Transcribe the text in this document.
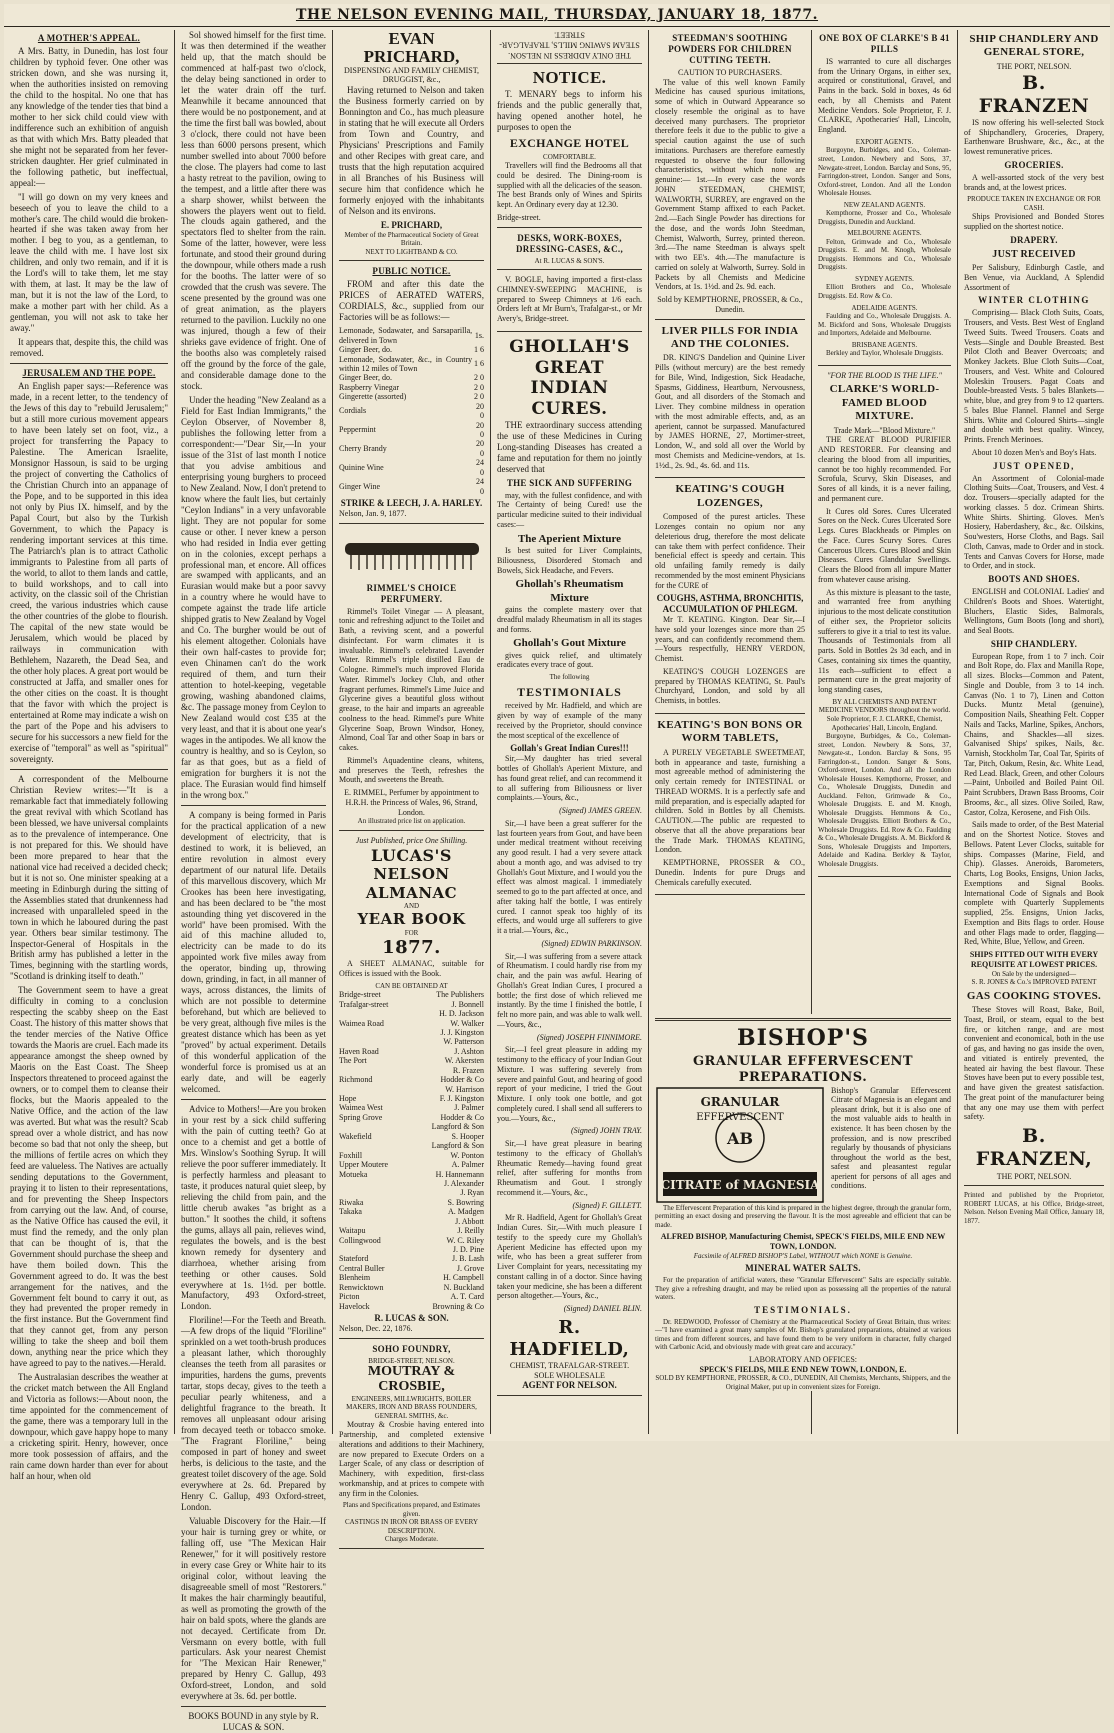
THE NELSON EVENING MAIL, THURSDAY, JANUARY 18, 1877.
A MOTHER'S APPEAL.

A Mrs. Batty, in Dunedin, has lost four children by typhoid fever. One other was stricken down, and she was nursing it, when the authorities insisted on removing the child to the hospital. No one that has any knowledge of the tender ties that bind a mother to her sick child could view with indifference such an exhibition of anguish as that with which Mrs. Batty pleaded that she might not be separated from her fever-stricken daughter. Her grief culminated in the following pathetic, but ineffectual, appeal:—

"I will go down on my very knees and beseech of you to leave the child to a mother's care. The child would die broken-hearted if she was taken away from her mother. I beg to you, as a gentleman, to leave the child with me. I have lost six children, and only two remain, and if it is the Lord's will to take them, let me stay with them, at last. It may be the law of man, but it is not the law of the Lord, to make a mother part with her child. As a gentleman, you will not ask to take her away."

It appears that, despite this, the child was removed.

JERUSALEM AND THE POPE.

An English paper says:—Reference was made, in a recent letter, to the tendency of the Jews of this day to "rebuild Jerusalem;" but a still more curious movement appears to have been lately set on foot, viz., a project for transferring the Papacy to Palestine. The American Israelite, Monsignor Hassoun, is said to be urging the project of converting the Catholics of the Christian Church into an appanage of the Pope, and to be supported in this idea not only by Pius IX. himself, and by the Papal Court, but also by the Turkish Government, to which the Papacy is rendering important services at this time. The Patriarch's plan is to attract Catholic immigrants to Palestine from all parts of the world, to allot to them lands and cattle, to build workshops, and to call into activity, on the classic soil of the Christian creed, the various industries which cause the other countries of the globe to flourish. The capital of the new state would be Jerusalem, which would be placed by railways in communication with Bethlehem, Nazareth, the Dead Sea, and the other holy places. A great port would be constructed at Jaffa, and smaller ones for the other cities on the coast. It is thought that the favor with which the project is entertained at Rome may indicate a wish on the part of the Pope and his advisers to secure for his successors a new field for the exercise of "temporal" as well as "spiritual" sovereignty.

A correspondent of the Melbourne Christian Review writes:—"It is a remarkable fact that immediately following the great revival with which Scotland has been blessed, we have universal complaints as to the prevalence of intemperance. One is not prepared for this. We should have been more prepared to hear that the national vice had received a decided check; but it is not so. One minister speaking at a meeting in Edinburgh during the sitting of the Assemblies stated that drunkenness had increased with unparalleled speed in the town in which he laboured during the past year. Others bear similar testimony. The Inspector-General of Hospitals in the British army has published a letter in the Times, beginning with the startling words, "Scotland is drinking itself to death."

The Government seem to have a great difficulty in coming to a conclusion respecting the scabby sheep on the East Coast. The history of this matter shows that the tender mercies of the Native Office towards the Maoris are cruel. Each made its appearance amongst the sheep owned by Maoris on the East Coast. The Sheep Inspectors threatened to proceed against the owners, or to compel them to cleanse their flocks, but the Maoris appealed to the Native Office, and the action of the law was averted. But what was the result? Scab spread over a whole district, and has now become so bad that not only the sheep, but the millions of fertile acres on which they feed are valueless. The Natives are actually sending deputations to the Government, praying it to listen to their representations, and for preventing the Sheep Inspectors from carrying out the law. And, of course, as the Native Office has caused the evil, it must find the remedy, and the only plan that can be thought of is, that the Government should purchase the sheep and have them boiled down. This the Government agreed to do. It was the best arrangement for the natives, and the Government felt bound to carry it out, as they had prevented the proper remedy in the first instance. But the Government find that they cannot get, from any person willing to take the sheep and boil them down, anything near the price which they have agreed to pay to the natives.—Herald.

The Australasian describes the weather at the cricket match between the All England and Victoria as follows:—About noon, the time appointed for the commencement of the game, there was a temporary lull in the downpour, which gave happy hope to many a cricketing spirit. Henry, however, once more took possession of affairs, and the rain came down harder than ever for about half an hour, when old

Sol showed himself for the first time. It was then determined if the weather held up, that the match should be commenced at half-past two o'clock, the delay being sanctioned in order to let the water drain off the turf. Meanwhile it became announced that there would be no postponement, and at the time the first ball was bowled, about 3 o'clock, there could not have been less than 6000 persons present, which number swelled into about 7000 before the close. The players had come to last a hasty retreat to the pavilion, owing to the tempest, and a little after there was a sharp shower, whilst between the showers the players went out to field. The clouds again gathered, and the spectators fled to shelter from the rain. Some of the latter, however, were less fortunate, and stood their ground during the downpour, while others made a rush for the booths. The latter were of so crowded that the crush was severe. The scene presented by the ground was one of great animation, as the players returned to the pavilion. Luckily no one was injured, though a few of their shrieks gave evidence of fright. One of the booths also was completely raised off the ground by the force of the gale, and considerable damage done to the stock.

Under the heading "New Zealand as a Field for East Indian Immigrants," the Ceylon Observer, of November 8, publishes the following letter from a correspondent:—"Dear Sir,—In your issue of the 31st of last month I notice that you advise ambitious and enterprising young burghers to proceed to New Zealand. Now, I don't pretend to know where the fault lies, but certainly "Ceylon Indians" in a very unfavorable light. They are not popular for some cause or other. I never knew a person who had resided in India ever getting on in the colonies, except perhaps a professional man, et encore. All offices are swamped with applicants, and an Eurasian would make but a poor savvy in a country where he would have to compete against the trade life article shipped gratis to New Zealand by Vogel and Co. The burgher would be out of his element altogether. Colonials have their own half-castes to provide for; even Chinamen can't do the work required of them, and turn their attention to hotel-keeping, vegetable growing, washing abandoned claims, &c. The passage money from Ceylon to New Zealand would cost £35 at the very least, and that it is about one year's wages in the antipodes. We all know the country is healthy, and so is Ceylon, so far as that goes, but as a field of emigration for burghers it is not the place. The Eurasian would find himself in the wrong box."

A company is being formed in Paris for the practical application of a new development of electricity, that is destined to work, it is believed, an entire revolution in almost every department of our natural life. Details of this marvellous discovery, which Mr Crookes has been here investigating, and has been declared to be "the most astounding thing yet discovered in the world" have been promised. With the aid of this machine alluded to, electricity can be made to do its appointed work five miles away from the operator, binding up, throwing down, grinding, in fact, in all manner of ways, across distances, the limits of which are not possible to determine beforehand, but which are believed to be very great, although five miles is the greatest distance which has been as yet "proved" by actual experiment. Details of this wonderful application of the wonderful force is promised us at an early date, and will be eagerly welcomed.

Advice to Mothers!—Are you broken in your rest by a sick child suffering with the pain of cutting teeth? Go at once to a chemist and get a bottle of Mrs. Winslow's Soothing Syrup. It will relieve the poor sufferer immediately. It is perfectly harmless and pleasant to taste, it produces natural quiet sleep, by relieving the child from pain, and the little cherub awakes "as bright as a button." It soothes the child, it softens the gums, allays all pain, relieves wind, regulates the bowels, and is the best known remedy for dysentery and diarrhoea, whether arising from teething or other causes. Sold everywhere at 1s. 1½d. per bottle. Manufactory, 493 Oxford-street, London.

Floriline!—For the Teeth and Breath.—A few drops of the liquid "Floriline" sprinkled on a wet tooth-brush produces a pleasant lather, which thoroughly cleanses the teeth from all parasites or impurities, hardens the gums, prevents tartar, stops decay, gives to the teeth a peculiar pearly whiteness, and a delightful fragrance to the breath. It removes all unpleasant odour arising from decayed teeth or tobacco smoke. "The Fragrant Floriline," being composed in part of honey and sweet herbs, is delicious to the taste, and the greatest toilet discovery of the age. Sold everywhere at 2s. 6d. Prepared by Henry C. Gallup, 493 Oxford-street, London.

Valuable Discovery for the Hair.—If your hair is turning grey or white, or falling off, use "The Mexican Hair Renewer," for it will positively restore in every case Grey or White hair to its original color, without leaving the disagreeable smell of most "Restorers." It makes the hair charmingly beautiful, as well as promoting the growth of the hair on bald spots, where the glands are not decayed. Certificate from Dr. Versmann on every bottle, with full particulars. Ask your nearest Chemist for "The Mexican Hair Renewer," prepared by Henry C. Gallup, 493 Oxford-street, London, and sold everywhere at 3s. 6d. per bottle.

BOOKS BOUND in any style by R. LUCAS & SON.
EVAN PRICHARD,
DISPENSING AND FAMILY CHEMIST, DRUGGIST, &c.,

Having returned to Nelson and taken the Business formerly carried on by Bonnington and Co., has much pleasure in stating that he will execute all Orders from Town and Country, and Physicians' Prescriptions and Family and other Recipes with great care, and trusts that the high reputation acquired in all Branches of his Business will secure him that confidence which he formerly enjoyed with the inhabitants of Nelson and its environs.

E. PRICHARD,
Member of the Pharmaceutical Society of Great Britain.
NEXT TO LIGHTBAND & CO.
PUBLIC NOTICE.

FROM and after this date the PRICES of AERATED WATERS, CORDIALS, &c., supplied from our Factories will be as follows:—

Lemonade, Sodawater, and Sarsaparilla, delivered in Town	1s.
Ginger Beer, do.	1 6
Lemonade, Sodawater, &c., in Country within 12 miles of Town	1 6
Ginger Beer, do.	2 0
Raspberry Vinegar	2 0
Gingerette (assorted)	2 0
Cordials	20 0
Peppermint	20 0
Cherry Brandy	20 0
Quinine Wine	24 0
Ginger Wine	24 0
STRIKE & LEECH, J. A. HARLEY.
Nelson, Jan. 9, 1877.
RIMMEL'S CHOICE PERFUMERY.

Rimmel's Toilet Vinegar — A pleasant, tonic and refreshing adjunct to the Toilet and Bath, a reviving scent, and a powerful disinfectant. For warm climates it is invaluable. Rimmel's celebrated Lavender Water. Rimmel's triple distilled Eau de Cologne. Rimmel's much improved Florida Water. Rimmel's Jockey Club, and other fragrant perfumes. Rimmel's Lime Juice and Glycerine gives a beautiful gloss without grease, to the hair and imparts an agreeable coolness to the head. Rimmel's pure White Glycerine Soap, Brown Windsor, Honey, Almond, Coal Tar and other Soap in bars or cakes.

Rimmel's Aquadentine cleans, whitens, and preserves the Teeth, refreshes the Mouth, and sweetens the Breath.

E. RIMMEL, Perfumer by appointment to H.R.H. the Princess of Wales, 96, Strand, London.
An illustrated price list on application.
Just Published, price One Shilling.
LUCAS'S
NELSON ALMANAC
AND
YEAR BOOK
FOR
1877.

A SHEET ALMANAC, suitable for Offices is issued with the Book.

CAN BE OBTAINED AT
Bridge-street	The Publishers
Trafalgar-street	J. Bonnell
	H. D. Jackson
Waimea Road	W. Walker
	J. J. Kingston
	W. Patterson
Haven Road	J. Ashton
The Port	W. Akersten
	R. Frazen
Richmond	Hodder & Co
	W. Harrison
Hope	F. J. Kingston
Waimea West	J. Palmer
Spring Grove	Hodder & Co
	Langford & Son
Wakefield	S. Hooper
	Langford & Son
Foxhill	W. Ponton
Upper Moutere	A. Palmer
Motueka	H. Hannemann
	J. Alexander
	J. Ryan
Riwaka	S. Bowring
Takaka	A. Madgen
	J. Abbott
Waitapu	J. Reilly
Collingwood	W. C. Riley
	J. D. Pine
Stateford	J. B. Lash
Central Buller	J. Grove
Blenheim	H. Campbell
Renwicktown	N. Buckland
Picton	A. T. Card
Havelock	Browning & Co
R. LUCAS & SON.
Nelson, Dec. 22, 1876.
SOHO FOUNDRY,
BRIDGE-STREET, NELSON.
MOUTRAY & CROSBIE,
ENGINEERS, MILLWRIGHTS, BOILER MAKERS, IRON AND BRASS FOUNDERS, GENERAL SMITHS, &c.

Moutray & Crosbie having entered into Partnership, and completed extensive alterations and additions to their Machinery, are now prepared to Execute Orders on a Larger Scale, of any class or description of Machinery, with expedition, first-class workmanship, and at prices to compete with any firm in the Colonies.

Plans and Specifications prepared, and Estimates given.
CASTINGS IN IRON OR BRASS OF EVERY DESCRIPTION.
Charges Moderate.
STEAM SAWING MILLS, TRAFALGAR-STREET.
THE ONLY ADDRESS IN NELSON.
NOTICE.

T. MENARY begs to inform his friends and the public generally that, having opened another hotel, he purposes to open the

EXCHANGE HOTEL
COMFORTABLE.

Travellers will find the Bedrooms all that could be desired. The Dining-room is supplied with all the delicacies of the season. The best Brands only of Wines and Spirits kept. An Ordinary every day at 12.30.

Bridge-street.
DESKS, WORK-BOXES, DRESSING-CASES, &C.,
At R. LUCAS & SON'S.

V. BOGLE, having imported a first-class CHIMNEY-SWEEPING MACHINE, is prepared to Sweep Chimneys at 1/6 each. Orders left at Mr Burn's, Trafalgar-st., or Mr Avery's, Bridge-street.

GHOLLAH'S
GREAT INDIAN CURES.

THE extraordinary success attending the use of these Medicines in Curing Long-standing Diseases has created a fame and reputation for them no jointly deserved that

THE SICK AND SUFFERING

may, with the fullest confidence, and with The Certainty of being Cured! use the particular medicine suited to their individual cases:—

The Aperient Mixture

Is best suited for Liver Complaints, Biliousness, Disordered Stomach and Bowels, Sick Headache, and Fevers.

Ghollah's Rheumatism Mixture

gains the complete mastery over that dreadful malady Rheumatism in all its stages and forms.

Ghollah's Gout Mixture

gives quick relief, and ultimately eradicates every trace of gout.

The following
TESTIMONIALS

received by Mr. Hadfield, and which are given by way of example of the many received by the Proprietor, should convince the most sceptical of the excellence of

Gollah's Great Indian Cures!!!

Sir,—My daughter has tried several bottles of Ghollah's Aperient Mixture, and has found great relief, and can recommend it to all suffering from Biliousness or liver complaints.—Yours, &c.,

(Signed) JAMES GREEN.

Sir,—I have been a great sufferer for the last fourteen years from Gout, and have been under medical treatment without receiving any good result. I had a very severe attack about a month ago, and was advised to try Ghollah's Gout Mixture, and I would you the effect was almost magical. I immediately seemed to go to the part affected at once, and after taking half the bottle, I was entirely cured. I cannot speak too highly of its effects, and would urge all sufferers to give it a trial.—Yours, &c.,

(Signed) EDWIN PARKINSON.

Sir,—I was suffering from a severe attack of Rheumatism. I could hardly rise from my chair, and the pain was awful. Hearing of Ghollah's Great Indian Cures, I procured a bottle; the first dose of which relieved me instantly. By the time I finished the bottle, I felt no more pain, and was able to walk well.—Yours, &c.,

(Signed) JOSEPH FINNIMORE.

Sir,—I feel great pleasure in adding my testimony to the efficacy of your Indian Gout Mixture. I was suffering severely from severe and painful Gout, and hearing of good report of your medicine, I tried the Gout Mixture. I only took one bottle, and got completely cured. I shall send all sufferers to you.—Yours, &c.,

(Signed) JOHN TRAY.

Sir,—I have great pleasure in bearing testimony to the efficacy of Ghollah's Rheumatic Remedy—having found great relief, after suffering for months from Rheumatism and Gout. I strongly recommend it.—Yours, &c.,

(Signed) F. GILLETT.

Mr R. Hadfield, Agent for Ghollah's Great Indian Cures. Sir,—With much pleasure I testify to the speedy cure my Ghollah's Aperient Medicine has effected upon my wife, who has been a great sufferer from Liver Complaint for years, necessitating my constant calling in of a doctor. Since having taken your medicine, she has been a different person altogether.—Yours, &c.,

(Signed) DANIEL BLIN.
R. HADFIELD,
CHEMIST, TRAFALGAR-STREET.
SOLE WHOLESALE
AGENT FOR NELSON.
STEEDMAN'S SOOTHING POWDERS FOR CHILDREN CUTTING TEETH.
CAUTION TO PURCHASERS.

The value of this well known Family Medicine has caused spurious imitations, some of which in Outward Appearance so closely resemble the original as to have deceived many purchasers. The proprietor therefore feels it due to the public to give a special caution against the use of such imitations. Purchasers are therefore earnestly requested to observe the four following characteristics, without which none are genuine:— 1st.—In every case the words JOHN STEEDMAN, CHEMIST, WALWORTH, SURREY, are engraved on the Government Stamp affixed to each Packet. 2nd.—Each Single Powder has directions for the dose, and the words John Steedman, Chemist, Walworth, Surrey, printed thereon. 3rd.—The name Steedman is always spelt with two EE's. 4th.—The manufacture is carried on solely at Walworth, Surrey. Sold in Packets by all Chemists and Medicine Vendors, at 1s. 1½d. and 2s. 9d. each.

Sold by KEMPTHORNE, PROSSER, & Co., Dunedin.
LIVER PILLS FOR INDIA AND THE COLONIES.

DR. KING'S Dandelion and Quinine Liver Pills (without mercury) are the best remedy for Bile, Wind, Indigestion, Sick Headache, Spasms, Giddiness, Heartburn, Nervousness, Gout, and all disorders of the Stomach and Liver. They combine mildness in operation with the most admirable effects, and, as an aperient, cannot be surpassed. Manufactured by JAMES HORNE, 27, Mortimer-street, London, W., and sold all over the World by most Chemists and Medicine-vendors, at 1s. 1½d., 2s. 9d., 4s. 6d. and 11s.

KEATING'S COUGH LOZENGES,

Composed of the purest articles. These Lozenges contain no opium nor any deleterious drug, therefore the most delicate can take them with perfect confidence. Their beneficial effect is speedy and certain. This old unfailing family remedy is daily recommended by the most eminent Physicians for the CURE of

COUGHS, ASTHMA, BRONCHITIS, ACCUMULATION OF PHLEGM.

Mr T. KEATING. Kington. Dear Sir,—I have sold your lozenges since more than 25 years, and can confidently recommend them.—Yours respectfully, HENRY VERDON, Chemist.

KEATING'S COUGH LOZENGES are prepared by THOMAS KEATING, St. Paul's Churchyard, London, and sold by all Chemists, in bottles.

KEATING'S BON BONS OR WORM TABLETS,

A PURELY VEGETABLE SWEETMEAT, both in appearance and taste, furnishing a most agreeable method of administering the only certain remedy for INTESTINAL or THREAD WORMS. It is a perfectly safe and mild preparation, and is especially adapted for children. Sold in Bottles by all Chemists. CAUTION.—The public are requested to observe that all the above preparations bear the Trade Mark. THOMAS KEATING, London.

KEMPTHORNE, PROSSER & CO., Dunedin. Indents for pure Drugs and Chemicals carefully executed.

ONE BOX OF CLARKE'S B 41 PILLS

IS warranted to cure all discharges from the Urinary Organs, in either sex, acquired or constitutional, Gravel, and Pains in the back. Sold in boxes, 4s 6d each, by all Chemists and Patent Medicine Vendors. Sole Proprietor, F. J. CLARKE, Apothecaries' Hall, Lincoln, England.

EXPORT AGENTS.

Burgoyne, Burbidges, and Co., Coleman-street, London. Newbery and Sons, 37, Newgate-street, London. Barclay and Sons, 95, Farringdon-street, London. Sanger and Sons, Oxford-street, London. And all the London Wholesale Houses.

NEW ZEALAND AGENTS.

Kempthorne, Prosser and Co., Wholesale Druggists, Dunedin and Auckland.

MELBOURNE AGENTS.

Felton, Grimwade and Co., Wholesale Druggists. E. and M. Knogh, Wholesale Druggists. Hemmons and Co., Wholesale Druggists.

SYDNEY AGENTS.

Elliott Brothers and Co., Wholesale Druggists. Ed. Row & Co.

ADELAIDE AGENTS.

Faulding and Co., Wholesale Druggists. A. M. Bickford and Sons, Wholesale Druggists and Importers, Adelaide and Melbourne.

BRISBANE AGENTS.

Berkley and Taylor, Wholesale Druggists.

"FOR THE BLOOD IS THE LIFE."
CLARKE'S WORLD-FAMED BLOOD MIXTURE.
Trade Mark—"Blood Mixture."

THE GREAT BLOOD PURIFIER AND RESTORER. For cleansing and clearing the blood from all impurities, cannot be too highly recommended. For Scrofula, Scurvy, Skin Diseases, and Sores of all kinds, it is a never failing, and permanent cure.

It Cures old Sores. Cures Ulcerated Sores on the Neck. Cures Ulcerated Sore Legs. Cures Blackheads or Pimples on the Face. Cures Scurvy Sores. Cures Cancerous Ulcers. Cures Blood and Skin Diseases. Cures Glandular Swellings. Clears the Blood from all impure Matter from whatever cause arising.

As this mixture is pleasant to the taste, and warranted free from anything injurious to the most delicate constitution of either sex, the Proprietor solicits sufferers to give it a trial to test its value. Thousands of Testimonials from all parts. Sold in Bottles 2s 3d each, and in Cases, containing six times the quantity, 11s each—sufficient to effect a permanent cure in the great majority of long standing cases,

BY ALL CHEMISTS AND PATENT MEDICINE VENDORS throughout the world.
Sole Proprietor, F. J. CLARKE, Chemist, Apothecaries' Hall, Lincoln, England.

Burgoyne, Burbidges, & Co., Coleman-street, London. Newbery & Sons, 37, Newgate-st., London. Barclay & Sons, 95 Farringdon-st., London. Sanger & Sons, Oxford-street, London. And all the London Wholesale Houses. Kempthorne, Prosser, and Co., Wholesale Druggists, Dunedin and Auckland. Felton, Grimwade & Co., Wholesale Druggists. E. and M. Knogh, Wholesale Druggists. Hemmons & Co., Wholesale Druggists. Elliott Brothers & Co., Wholesale Druggists. Ed. Row & Co. Faulding & Co., Wholesale Druggists. A. M. Bickford & Sons, Wholesale Druggists and Importers, Adelaide and Kadina. Berkley & Taylor, Wholesale Druggists.

SHIP CHANDLERY AND GENERAL STORE,
THE PORT, NELSON.
B. FRANZEN

IS now offering his well-selected Stock of Shipchandlery, Groceries, Drapery, Earthenware Brushware, &c., &c., at the lowest remunerative prices.

GROCERIES.

A well-assorted stock of the very best brands and, at the lowest prices.

PRODUCE TAKEN IN EXCHANGE OR FOR CASH.

Ships Provisioned and Bonded Stores supplied on the shortest notice.

DRAPERY.
JUST RECEIVED

Per Salisbury, Edinburgh Castle, and Ben Venue, via Auckland, A Splendid Assortment of

WINTER CLOTHING

Comprising— Black Cloth Suits, Coats, Trousers, and Vests. Best West of England Tweed Suits. Tweed Trousers. Coats and Vests—Single and Double Breasted. Best Pilot Cloth and Beaver Overcoats; and Monkey Jackets. Blue Cloth Suits—Coat, Trousers, and Vest. White and Coloured Moleskin Trousers. Pagat Coats and Double-breasted Vests. 5 bales Blankets—white, blue, and grey from 9 to 12 quarters. 5 bales Blue Flannel. Flannel and Serge Shirts. White and Coloured Shirts—single and double with best quality. Wincey, Prints. French Merinoes.

About 10 dozen Men's and Boy's Hats.
JUST OPENED,

An Assortment of Colonial-made Clothing Suits—Coat, Trousers, and Vest. 4 doz. Trousers—specially adapted for the working classes. 5 doz. Crimean Shirts. White Shirts. Shirting. Gloves. Men's Hosiery, Haberdashery, &c., &c. Oilskins, Sou'westers, Horse Cloths, and Bags. Sail Cloth, Canvas, made to Order and in stock. Tents and Canvas Covers for Horse, made to Order, and in stock.

BOOTS AND SHOES.

ENGLISH and COLONIAL Ladies' and Children's Boots and Shoes. Watertight, Bluchers, Elastic Sides, Balmorals, Wellingtons, Gum Boots (long and short), and Seal Boots.

SHIP CHANDLERY.

European Rope, from 1 to 7 inch. Coir and Bolt Rope, do. Flax and Manilla Rope, all sizes. Blocks—Common and Patent, Single and Double, from 3 to 14 inch. Canvas (No. 1 to 7), Linen and Cotton Ducks. Muntz Metal (genuine), Composition Nails, Sheathing Felt. Copper Nails and Tacks, Marline, Spikes, Anchors, Chains, and Shackles—all sizes. Galvanised Ships' spikes, Nails, &c. Varnish, Stockholm Tar, Coal Tar, Spirits of Tar, Pitch, Oakum, Resin, &c. White Lead, Red Lead. Black, Green, and other Colours—Paint, Unboiled and Boiled Paint Oil. Paint Scrubbers, Drawn Bass Brooms, Coir Brooms, &c., all sizes. Olive Soiled, Raw, Castor, Colza, Kerosene, and Fish Oils.

Sails made to order, of the Best Material and on the Shortest Notice. Stoves and Bellows. Patent Lever Clocks, suitable for ships. Compasses (Marine, Field, and Chip). Glasses. Aneroids, Barometers, Charts, Log Books, Ensigns, Union Jacks, Exemptions and Signal Books. International Code of Signals and Book complete with Quarterly Supplements supplied, 25s. Ensigns, Union Jacks, Exemption and Bits flags to order. House and other Flags made to order, flagging—Red, White, Blue, Yellow, and Green.

SHIPS FITTED OUT WITH EVERY REQUISITE AT LOWEST PRICES.
On Sale by the undersigned—
S. R. JONES & Co.'s IMPROVED PATENT
GAS COOKING STOVES.

These Stoves will Roast, Bake, Boil, Toast, Broil, or steam, equal to the best fire, or kitchen range, and are most convenient and economical, both in the use of gas, and having no gas inside the oven, and vitiated is entirely prevented, the heated air having the best flavour. These Stoves have been put to every possible test, and have given the greatest satisfaction. The great point of the manufacturer being that any one may use them with perfect safety.

B. FRANZEN,
THE PORT, NELSON.

Printed and published by the Proprietor, ROBERT LUCAS, at his Office, Bridge-street, Nelson. Nelson Evening Mail Office, January 18, 1877.

BISHOP'S
GRANULAR EFFERVESCENT PREPARATIONS.
AB
GRANULAR
EFFERVESCENT
CITRATE of MAGNESIA
Bishop's Granular Effervescent Citrate of Magnesia is an elegant and pleasant drink, but it is also one of the most valuable aids to health in existence. It has been chosen by the profession, and is now prescribed regularly by thousands of physicians throughout the world as the best, safest and pleasantest regular aperient for persons of all ages and conditions.

The Effervescent Preparation of this kind is prepared in the highest degree, through the granular form, permitting an exact dosing and preserving the flavour. It is the most agreeable and efficient that can be made.

ALFRED BISHOP, Manufacturing Chemist, SPECK'S FIELDS, MILE END NEW TOWN, LONDON.
Facsimile of ALFRED BISHOP'S Label, WITHOUT which NONE is Genuine.
MINERAL WATER SALTS.

For the preparation of artificial waters, these "Granular Effervescent" Salts are especially suitable. They give a refreshing draught, and may be relied upon as possessing all the properties of the natural waters.

TESTIMONIALS.

Dr. REDWOOD, Professor of Chemistry at the Pharmaceutical Society of Great Britain, thus writes:—"I have examined a great many samples of Mr. Bishop's granulated preparations, obtained at various times and from different sources, and have found them to be very uniform in character, fully charged with Carbonic Acid, and obviously made with great care and accuracy."

LABORATORY AND OFFICES:
SPECK'S FIELDS, MILE END NEW TOWN, LONDON, E.
SOLD BY KEMPTHORNE, PROSSER, & CO., DUNEDIN, All Chemists, Merchants, Shippers, and the Original Maker, put up in convenient sizes for Foreign.
